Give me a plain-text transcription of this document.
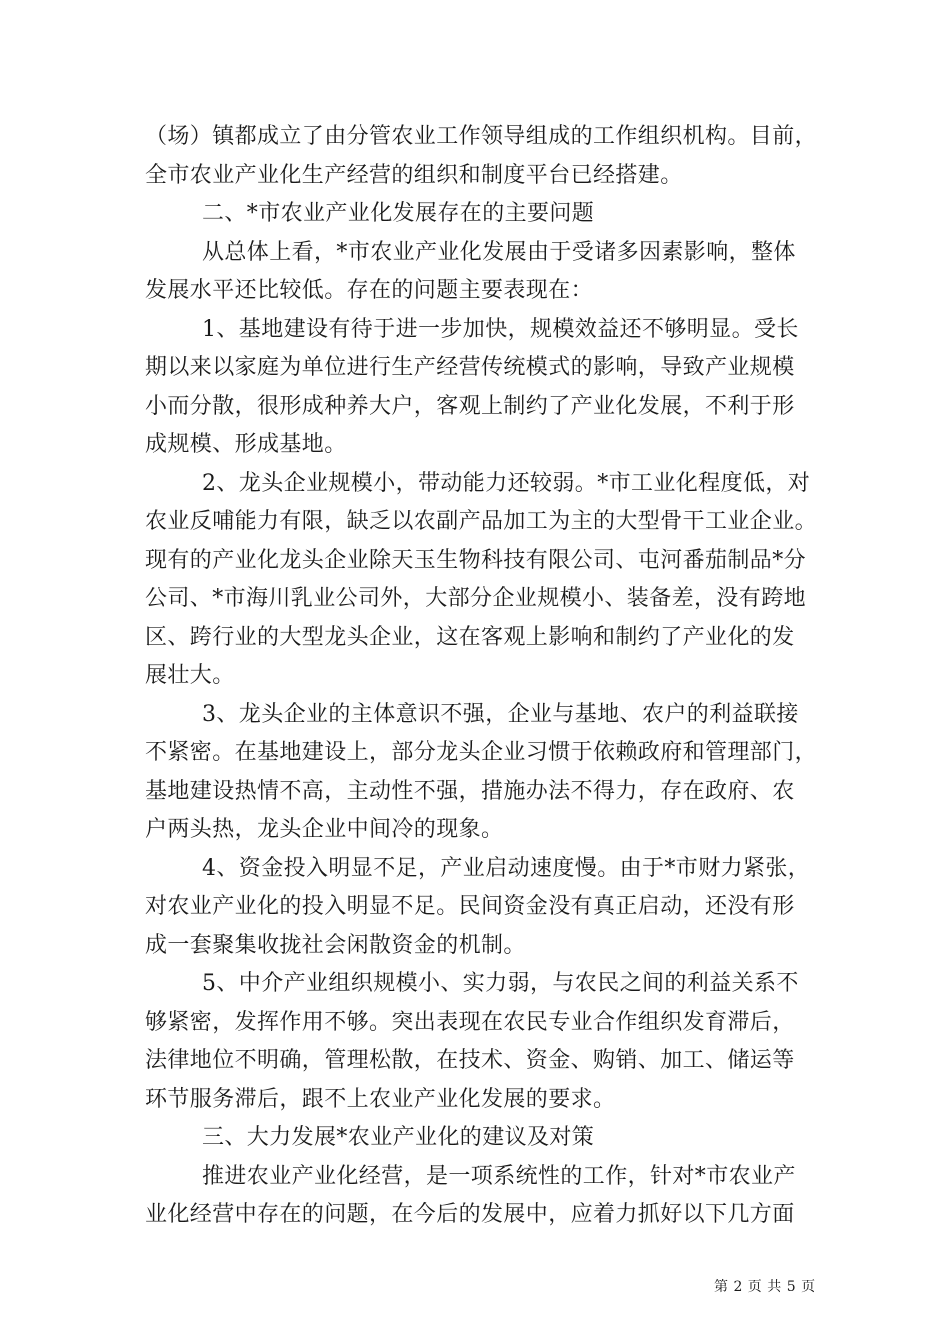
（场）镇都成立了由分管农业工作领导组成的工作组织机构。目前，
全市农业产业化生产经营的组织和制度平台已经搭建。
二、*市农业产业化发展存在的主要问题
从总体上看，*市农业产业化发展由于受诸多因素影响，整体
发展水平还比较低。存在的问题主要表现在：
1、基地建设有待于进一步加快，规模效益还不够明显。受长
期以来以家庭为单位进行生产经营传统模式的影响，导致产业规模
小而分散，很形成种养大户，客观上制约了产业化发展，不利于形
成规模、形成基地。
2、龙头企业规模小，带动能力还较弱。*市工业化程度低，对
农业反哺能力有限，缺乏以农副产品加工为主的大型骨干工业企业。
现有的产业化龙头企业除天玉生物科技有限公司、屯河番茄制品*分
公司、*市海川乳业公司外，大部分企业规模小、装备差，没有跨地
区、跨行业的大型龙头企业，这在客观上影响和制约了产业化的发
展壮大。
3、龙头企业的主体意识不强，企业与基地、农户的利益联接
不紧密。在基地建设上，部分龙头企业习惯于依赖政府和管理部门，
基地建设热情不高，主动性不强，措施办法不得力，存在政府、农
户两头热，龙头企业中间冷的现象。
4、资金投入明显不足，产业启动速度慢。由于*市财力紧张，
对农业产业化的投入明显不足。民间资金没有真正启动，还没有形
成一套聚集收拢社会闲散资金的机制。
5、中介产业组织规模小、实力弱，与农民之间的利益关系不
够紧密，发挥作用不够。突出表现在农民专业合作组织发育滞后，
法律地位不明确，管理松散，在技术、资金、购销、加工、储运等
环节服务滞后，跟不上农业产业化发展的要求。
三、大力发展*农业产业化的建议及对策
推进农业产业化经营，是一项系统性的工作，针对*市农业产
业化经营中存在的问题，在今后的发展中，应着力抓好以下几方面
第 2 页 共 5 页
